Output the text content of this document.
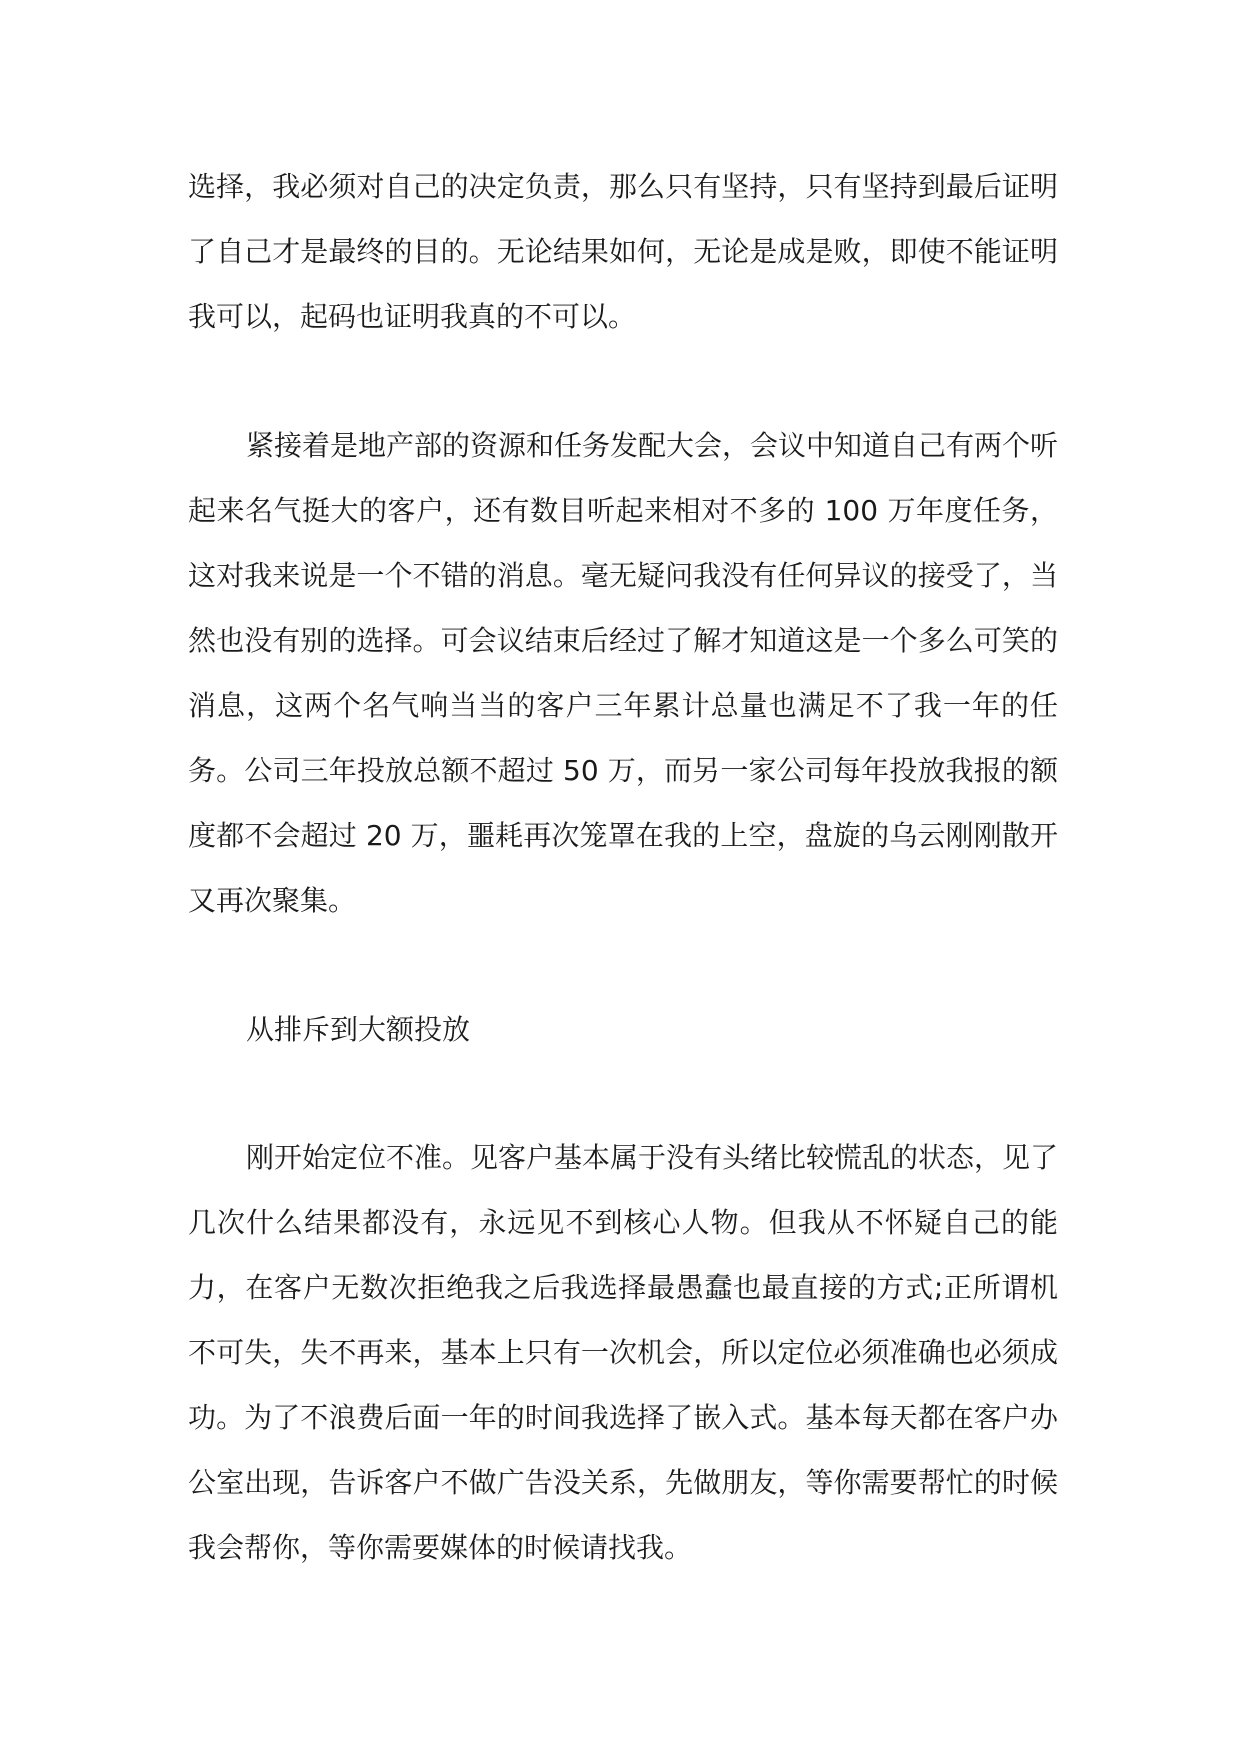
选择，我必须对自己的决定负责，那么只有坚持，只有坚持到最后证明了自己才是最终的目的。无论结果如何，无论是成是败，即使不能证明我可以，起码也证明我真的不可以。

紧接着是地产部的资源和任务发配大会，会议中知道自己有两个听起来名气挺大的客户，还有数目听起来相对不多的 100 万年度任务，这对我来说是一个不错的消息。毫无疑问我没有任何异议的接受了，当然也没有别的选择。可会议结束后经过了解才知道这是一个多么可笑的消息，这两个名气响当当的客户三年累计总量也满足不了我一年的任务。公司三年投放总额不超过 50 万，而另一家公司每年投放我报的额度都不会超过 20 万，噩耗再次笼罩在我的上空，盘旋的乌云刚刚散开又再次聚集。

从排斥到大额投放

刚开始定位不准。见客户基本属于没有头绪比较慌乱的状态，见了几次什么结果都没有，永远见不到核心人物。但我从不怀疑自己的能力，在客户无数次拒绝我之后我选择最愚蠢也最直接的方式;正所谓机不可失，失不再来，基本上只有一次机会，所以定位必须准确也必须成功。为了不浪费后面一年的时间我选择了嵌入式。基本每天都在客户办公室出现，告诉客户不做广告没关系，先做朋友，等你需要帮忙的时候我会帮你，等你需要媒体的时候请找我。
